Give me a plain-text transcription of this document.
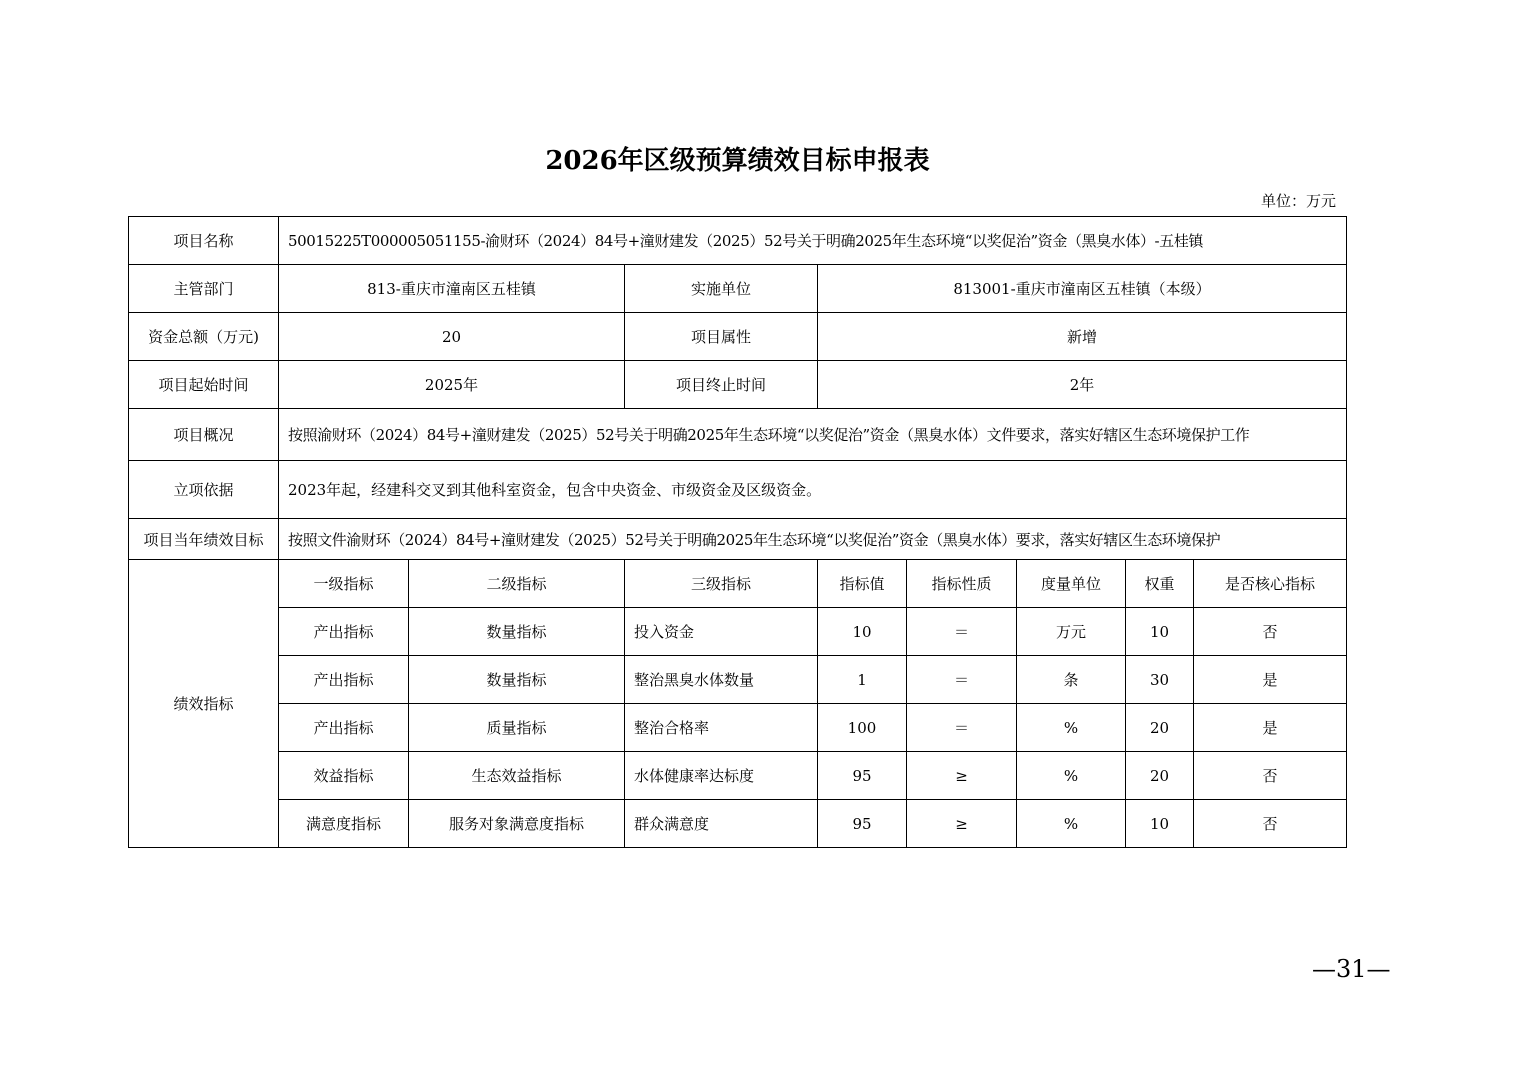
2026年区级预算绩效目标申报表
单位：万元
项目名称	50015225T000005051155-渝财环（2024）84号+潼财建发（2025）52号关于明确2025年生态环境“以奖促治”资金（黑臭水体）-五桂镇							
主管部门	813-重庆市潼南区五桂镇		实施单位	813001-重庆市潼南区五桂镇（本级）				
资金总额（万元)	20		项目属性	新增				
项目起始时间	2025年		项目终止时间	2年				
项目概况	按照渝财环（2024）84号+潼财建发（2025）52号关于明确2025年生态环境“以奖促治”资金（黑臭水体）文件要求，落实好辖区生态环境保护工作							
立项依据	2023年起，经建科交叉到其他科室资金，包含中央资金、市级资金及区级资金。							
项目当年绩效目标	按照文件渝财环（2024）84号+潼财建发（2025）52号关于明确2025年生态环境“以奖促治”资金（黑臭水体）要求，落实好辖区生态环境保护							
绩效指标	一级指标	二级指标	三级指标	指标值	指标性质	度量单位	权重	是否核心指标
	产出指标	数量指标	投入资金	10	＝	万元	10	否
	产出指标	数量指标	整治黑臭水体数量	1	＝	条	30	是
	产出指标	质量指标	整治合格率	100	＝	%	20	是
	效益指标	生态效益指标	水体健康率达标度	95	≥	%	20	否
	满意度指标	服务对象满意度指标	群众满意度	95	≥	%	10	否
—31—
